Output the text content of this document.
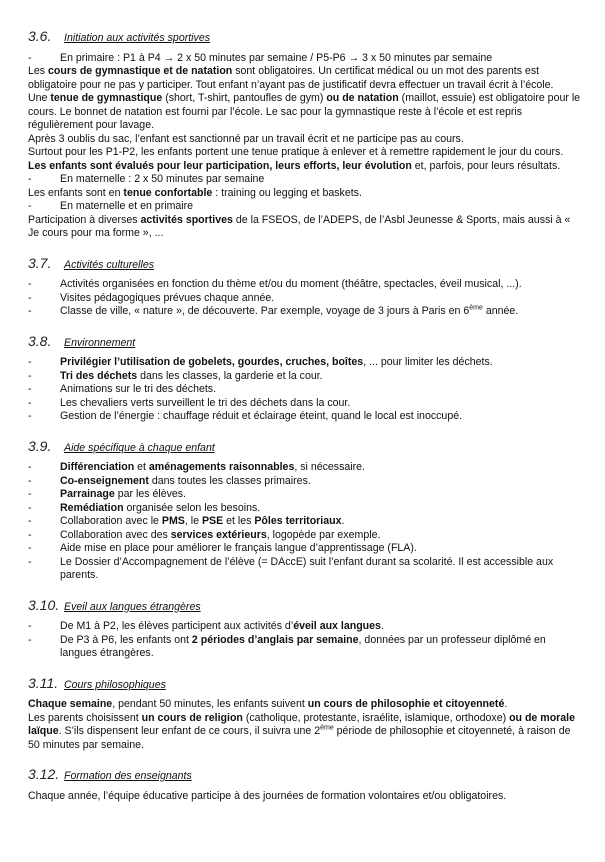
3.6.	Initiation aux activités sportives
-	En primaire : P1 à P4 → 2 x 50 minutes par semaine / P5-P6 → 3 x 50 minutes par semaine

Les cours de gymnastique et de natation sont obligatoires. Un certificat médical ou un mot des parents est obligatoire pour ne pas y participer. Tout enfant n’ayant pas de justificatif devra effectuer un travail écrit à l’école.

Une tenue de gymnastique (short, T-shirt, pantoufles de gym) ou de natation (maillot, essuie) est obligatoire pour le cours. Le bonnet de natation est fourni par l’école. Le sac pour la gymnastique reste à l’école et est repris régulièrement pour lavage.

Après 3 oublis du sac, l’enfant est sanctionné par un travail écrit et ne participe pas au cours.

Surtout pour les P1-P2, les enfants portent une tenue pratique à enlever et à remettre rapidement le jour du cours.

Les enfants sont évalués pour leur participation, leurs efforts, leur évolution et, parfois, pour leurs résultats.

-	En maternelle : 2 x 50 minutes par semaine

Les enfants sont en tenue confortable : training ou legging et baskets.

-	En maternelle et en primaire

Participation à diverses activités sportives de la FSEOS, de l’ADEPS, de l’Asbl Jeunesse & Sports, mais aussi à « Je cours pour ma forme », ...

3.7.	Activités culturelles
-	Activités organisées en fonction du thème et/ou du moment (théâtre, spectacles, éveil musical, ...).
-	Visites pédagogiques prévues chaque année.
-	Classe de ville, « nature », de découverte. Par exemple, voyage de 3 jours à Paris en 6ème année.
3.8.	Environnement
-	Privilégier l’utilisation de gobelets, gourdes, cruches, boîtes, ... pour limiter les déchets.
-	Tri des déchets dans les classes, la garderie et la cour.
-	Animations sur le tri des déchets.
-	Les chevaliers verts surveillent le tri des déchets dans la cour.
-	Gestion de l’énergie : chauffage réduit et éclairage éteint, quand le local est inoccupé.
3.9.	Aide spécifique à chaque enfant
-	Différenciation et aménagements raisonnables, si nécessaire.
-	Co-enseignement dans toutes les classes primaires.
-	Parrainage par les élèves.
-	Remédiation organisée selon les besoins.
-	Collaboration avec le PMS, le PSE et les Pôles territoriaux.
-	Collaboration avec des services extérieurs, logopède par exemple.
-	Aide mise en place pour améliorer le français langue d’apprentissage (FLA).
-	Le Dossier d’Accompagnement de l’élève (= DAccE) suit l’enfant durant sa scolarité. Il est accessible aux parents.
3.10. Eveil aux langues étrangères
-	De M1 à P2, les élèves participent aux activités d’éveil aux langues.
-	De P3 à P6, les enfants ont 2 périodes d’anglais par semaine, données par un professeur diplômé en langues étrangères.
3.11. Cours philosophiques

Chaque semaine, pendant 50 minutes, les enfants suivent un cours de philosophie et citoyenneté.

Les parents choisissent un cours de religion (catholique, protestante, israélite, islamique, orthodoxe) ou de morale laïque. S’ils dispensent leur enfant de ce cours, il suivra une 2ème période de philosophie et citoyenneté, à raison de 50 minutes par semaine.

3.12. Formation des enseignants

Chaque année, l’équipe éducative participe à des journées de formation volontaires et/ou obligatoires.
